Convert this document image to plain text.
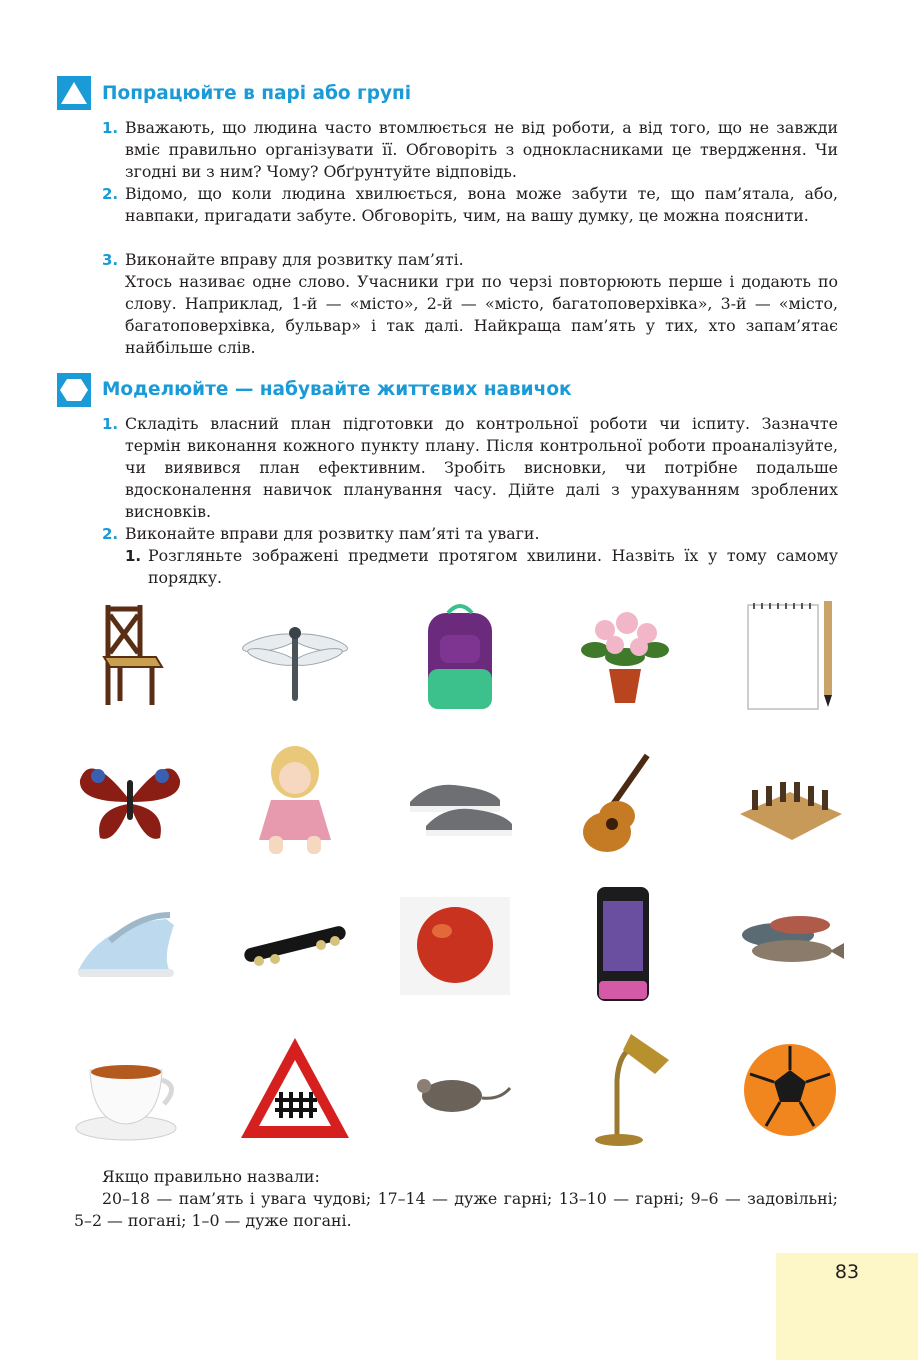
Попрацюйте в парі або групі
1. Вважають, що людина часто втомлюється не від роботи, а від того, що не завжди вміє правильно організувати її. Обговоріть з однокласниками це твердження. Чи згодні ви з ним? Чому? Обґрунтуйте відповідь.
2. Відомо, що коли людина хвилюється, вона може забути те, що пам’ятала, або, навпаки, пригадати забуте. Обговоріть, чим, на вашу думку, це можна пояснити.
3. Виконайте вправу для розвитку пам’яті.
Хтось називає одне слово. Учасники гри по черзі повторюють перше і додають по слову. Наприклад, 1-й — «місто», 2-й — «місто, багатоповерхівка», 3-й — «місто, багатоповерхівка, бульвар» і так далі. Найкраща пам’ять у тих, хто запам’ятає найбільше слів.
Моделюйте — набувайте життєвих навичок
1. Складіть власний план підготовки до контрольної роботи чи іспиту. Зазначте термін виконання кожного пункту плану. Після контрольної роботи проаналізуйте, чи виявився план ефективним. Зробіть висновки, чи потрібне подальше вдосконалення навичок планування часу. Дійте далі з урахуванням зроблених висновків.
2. Виконайте вправи для розвитку пам’яті та уваги.
1. Розгляньте зображені предмети протягом хвилини. Назвіть їх у тому самому порядку.
Якщо правильно назвали:
20–18 — пам’ять і увага чудові; 17–14 — дуже гарні; 13–10 — гарні; 9–6 — задовільні; 5–2 — погані; 1–0 — дуже погані.
83
